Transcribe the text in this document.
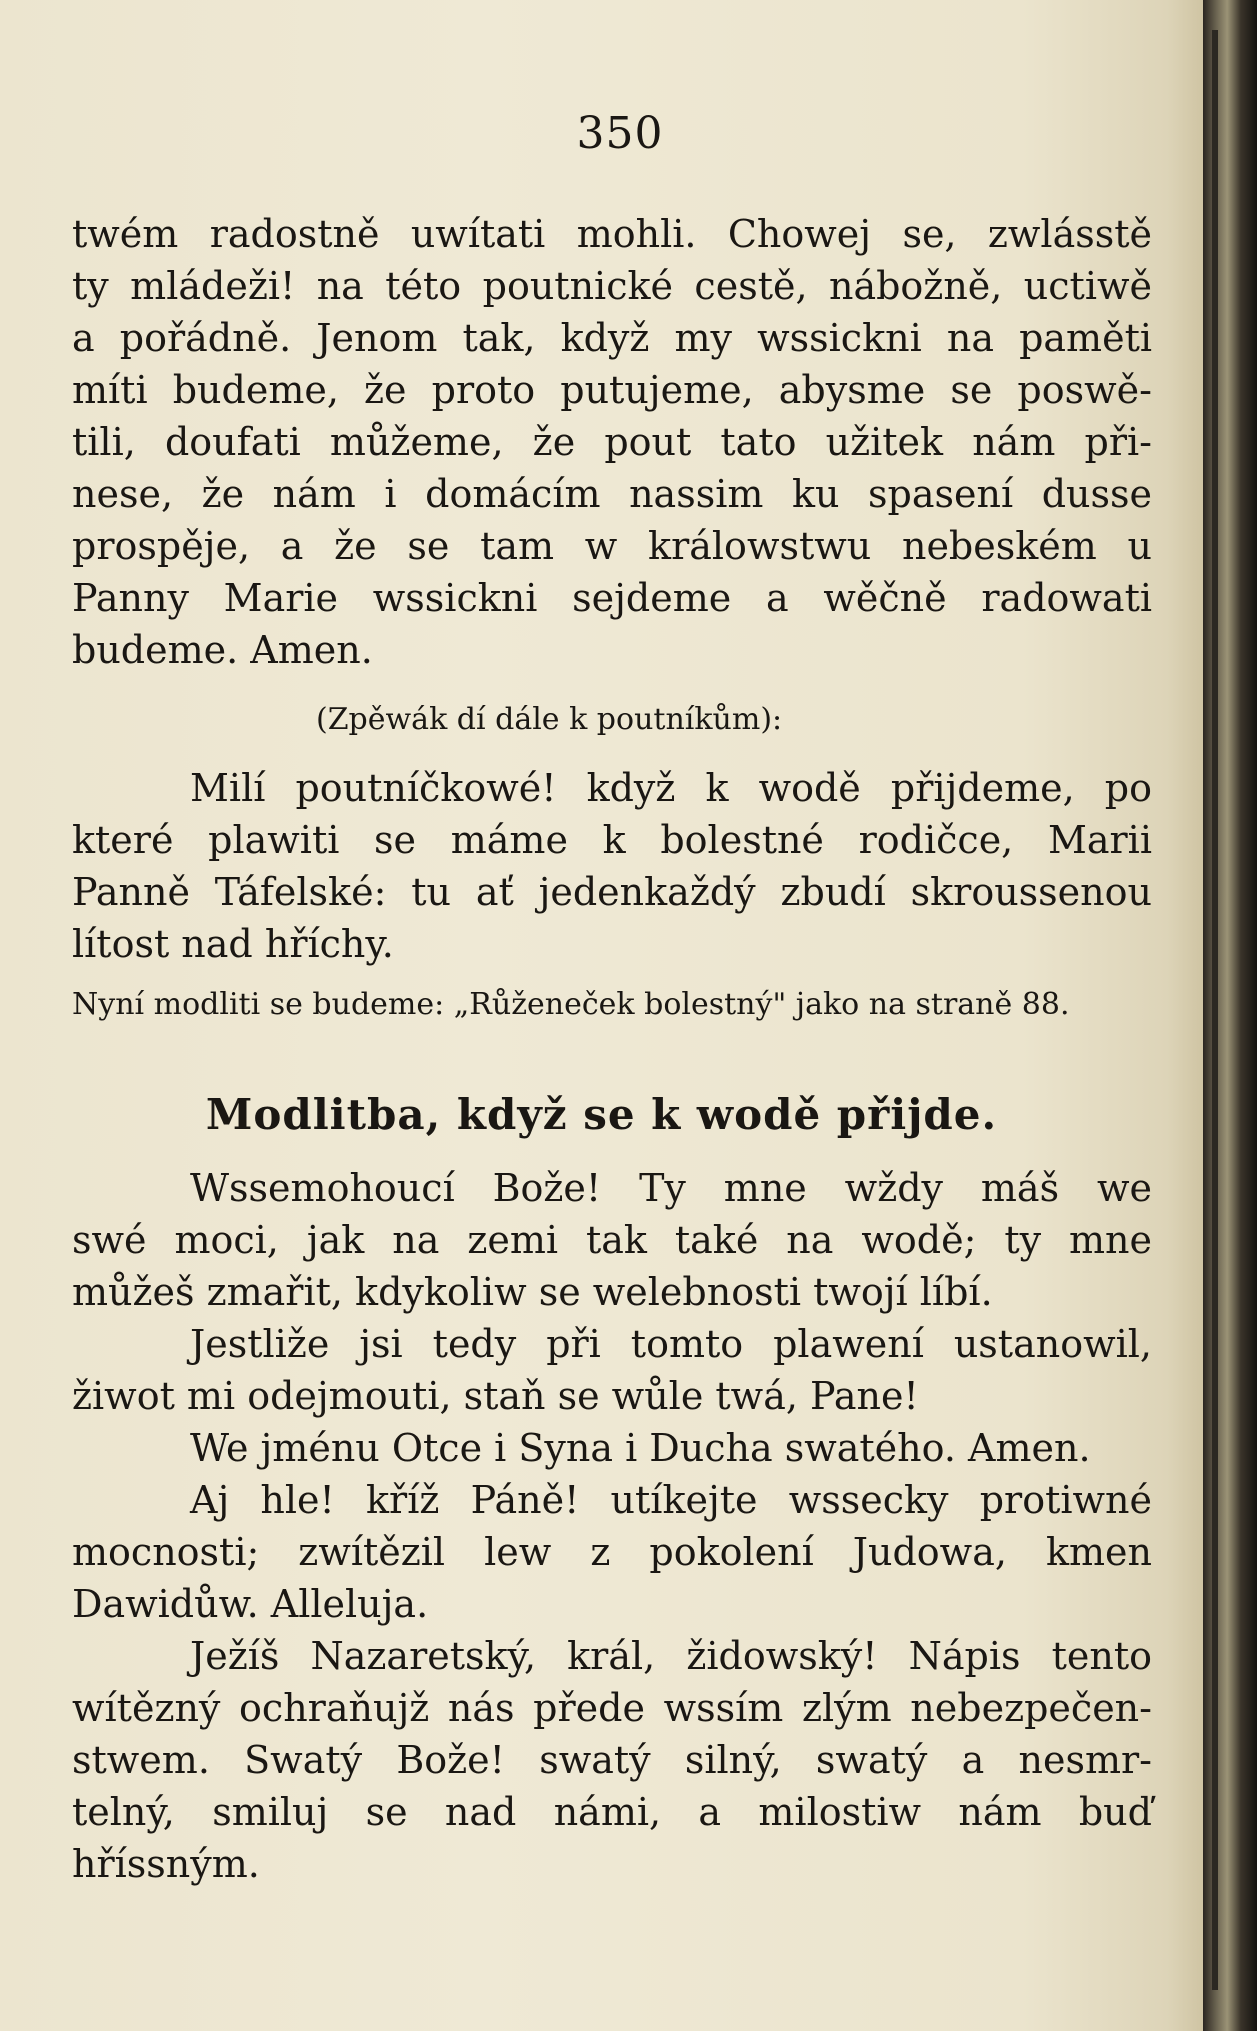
350
twém radostně uwítati mohli. Chowej se, zwlásstě
ty mládeži! na této poutnické cestě, nábožně, uctiwě
a pořádně. Jenom tak, když my wssickni na paměti
míti budeme, že proto putujeme, abysme se poswě-
tili, doufati můžeme, že pout tato užitek nám při-
nese, že nám i domácím nassim ku spasení dusse
prospěje, a že se tam w králowstwu nebeském u
Panny Marie wssickni sejdeme a wěčně radowati
budeme. Amen.
(Zpěwák dí dále k poutníkům):
Milí poutníčkowé! když k wodě přijdeme, po
které plawiti se máme k bolestné rodičce, Marii
Panně Táfelské: tu ať jedenkaždý zbudí skroussenou
lítost nad hříchy.
Nyní modliti se budeme: „Růženeček bolestný" jako na straně 88.
Modlitba, když se k wodě přijde.
Wssemohoucí Bože! Ty mne wždy máš we
swé moci, jak na zemi tak také na wodě; ty mne
můžeš zmařit, kdykoliw se welebnosti twojí líbí.
Jestliže jsi tedy při tomto plawení ustanowil,
žiwot mi odejmouti, staň se wůle twá, Pane!
We jménu Otce i Syna i Ducha swatého. Amen.
Aj hle! kříž Páně! utíkejte wssecky protiwné
mocnosti; zwítězil lew z pokolení Judowa, kmen
Dawidůw. Alleluja.
Ježíš Nazaretský, král, židowský! Nápis tento
wítězný ochraňujž nás přede wssím zlým nebezpečen-
stwem. Swatý Bože! swatý silný, swatý a nesmr-
telný, smiluj se nad námi, a milostiw nám buď
hříssným.
